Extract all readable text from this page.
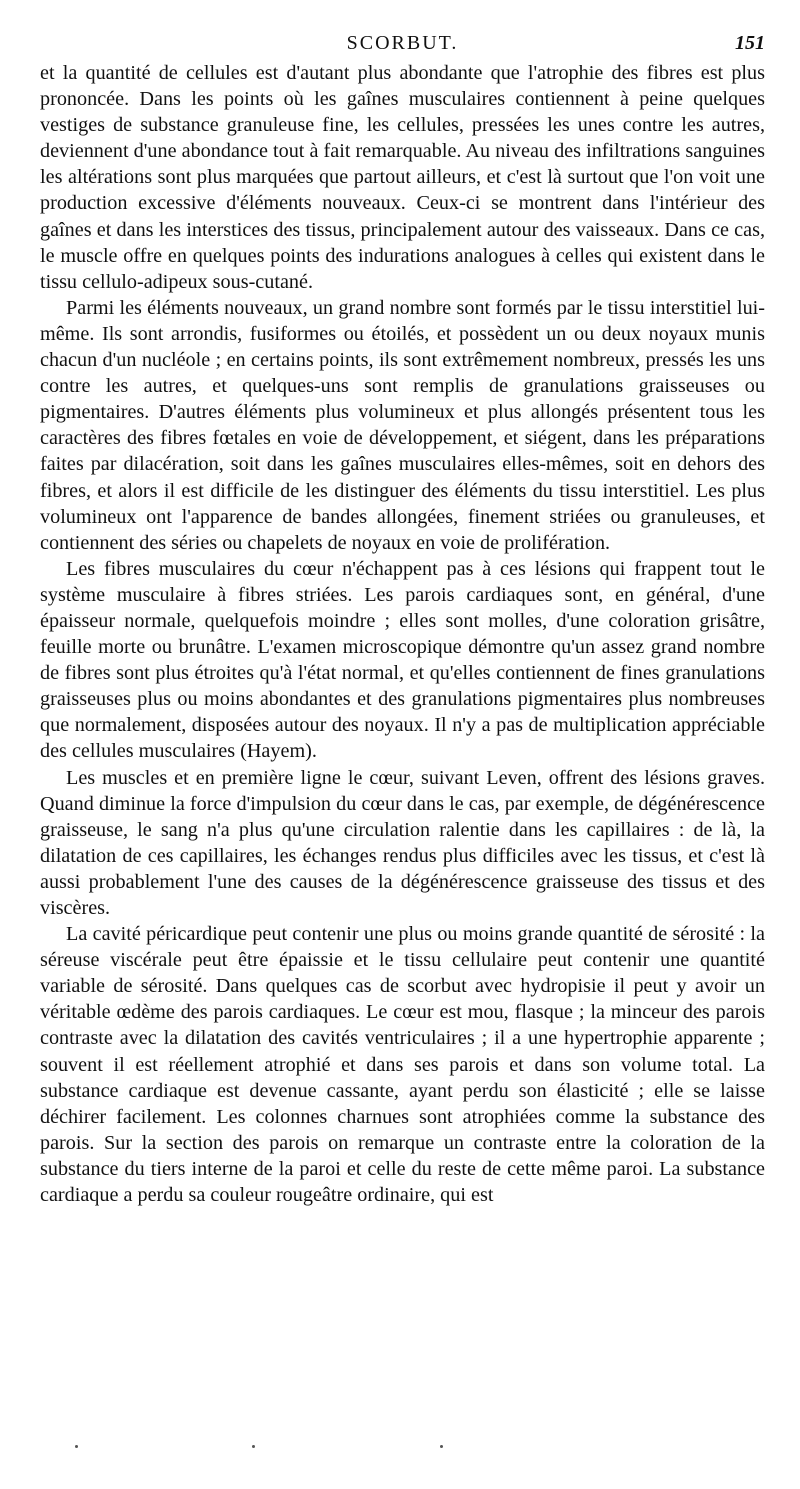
SCORBUT.	151

et la quantité de cellules est d'autant plus abondante que l'atrophie des fibres est plus prononcée. Dans les points où les gaînes musculaires contiennent à peine quelques vestiges de substance granuleuse fine, les cellules, pressées les unes contre les autres, deviennent d'une abondance tout à fait remarquable. Au niveau des infiltrations sanguines les altérations sont plus marquées que partout ailleurs, et c'est là surtout que l'on voit une production excessive d'éléments nouveaux. Ceux-ci se montrent dans l'intérieur des gaînes et dans les interstices des tissus, principalement autour des vaisseaux. Dans ce cas, le muscle offre en quelques points des indurations analogues à celles qui existent dans le tissu cellulo-adipeux sous-cutané.

Parmi les éléments nouveaux, un grand nombre sont formés par le tissu interstitiel lui-même. Ils sont arrondis, fusiformes ou étoilés, et possèdent un ou deux noyaux munis chacun d'un nucléole ; en certains points, ils sont extrêmement nombreux, pressés les uns contre les autres, et quelques-uns sont remplis de granulations graisseuses ou pigmentaires. D'autres éléments plus volumineux et plus allongés présentent tous les caractères des fibres fœtales en voie de développement, et siégent, dans les préparations faites par dilacération, soit dans les gaînes musculaires elles-mêmes, soit en dehors des fibres, et alors il est difficile de les distinguer des éléments du tissu interstitiel. Les plus volumineux ont l'apparence de bandes allongées, finement striées ou granuleuses, et contiennent des séries ou chapelets de noyaux en voie de prolifération.

Les fibres musculaires du cœur n'échappent pas à ces lésions qui frappent tout le système musculaire à fibres striées. Les parois cardiaques sont, en général, d'une épaisseur normale, quelquefois moindre ; elles sont molles, d'une coloration grisâtre, feuille morte ou brunâtre. L'examen microscopique démontre qu'un assez grand nombre de fibres sont plus étroites qu'à l'état normal, et qu'elles contiennent de fines granulations graisseuses plus ou moins abondantes et des granulations pigmentaires plus nombreuses que normalement, disposées autour des noyaux. Il n'y a pas de multiplication appréciable des cellules musculaires (Hayem).

Les muscles et en première ligne le cœur, suivant Leven, offrent des lésions graves. Quand diminue la force d'impulsion du cœur dans le cas, par exemple, de dégénérescence graisseuse, le sang n'a plus qu'une circulation ralentie dans les capillaires : de là, la dilatation de ces capillaires, les échanges rendus plus difficiles avec les tissus, et c'est là aussi probablement l'une des causes de la dégénérescence graisseuse des tissus et des viscères.

La cavité péricardique peut contenir une plus ou moins grande quantité de sérosité : la séreuse viscérale peut être épaissie et le tissu cellulaire peut contenir une quantité variable de sérosité. Dans quelques cas de scorbut avec hydropisie il peut y avoir un véritable œdème des parois cardiaques. Le cœur est mou, flasque ; la minceur des parois contraste avec la dilatation des cavités ventriculaires ; il a une hypertrophie apparente ; souvent il est réellement atrophié et dans ses parois et dans son volume total. La substance cardiaque est devenue cassante, ayant perdu son élasticité ; elle se laisse déchirer facilement. Les colonnes charnues sont atrophiées comme la substance des parois. Sur la section des parois on remarque un contraste entre la coloration de la substance du tiers interne de la paroi et celle du reste de cette même paroi. La substance cardiaque a perdu sa couleur rougeâtre ordinaire, qui est
